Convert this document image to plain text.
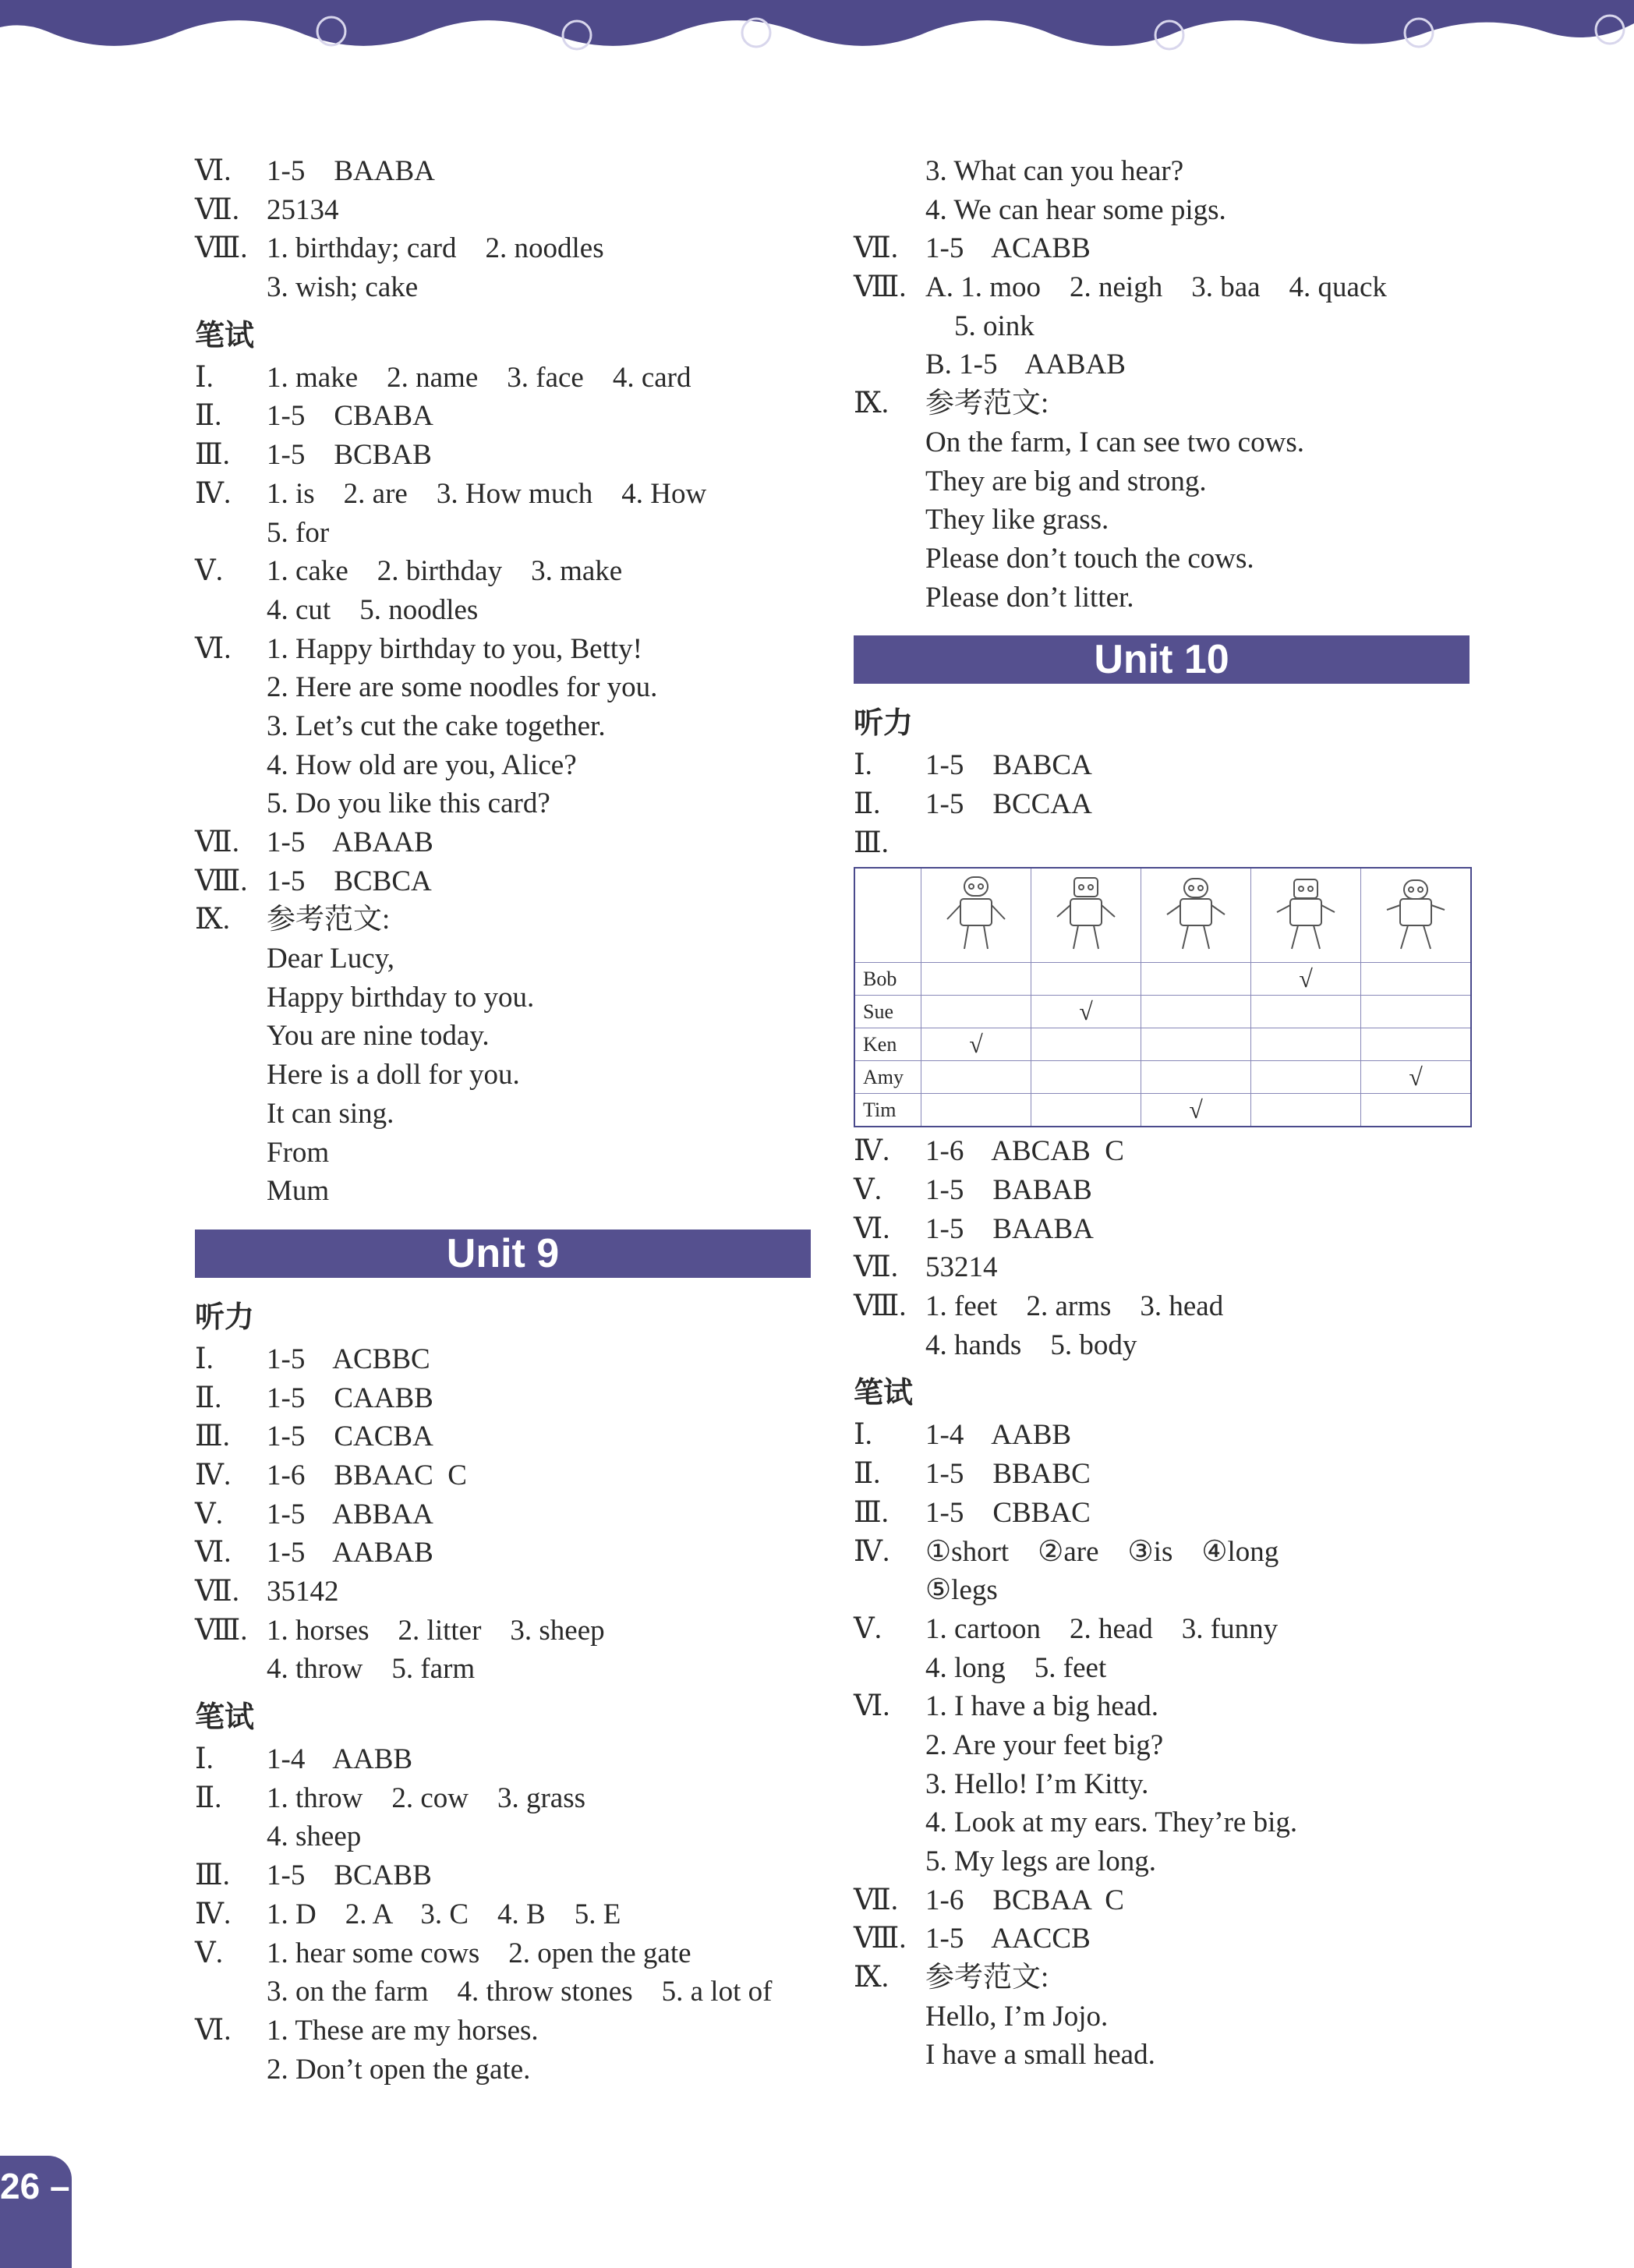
Ⅵ.	1-5    BAABA
Ⅶ. 25134
Ⅷ. 1. birthday; card    2. noodles
3. wish; cake
笔试
Ⅰ.	1. make    2. name    3. face    4. card
Ⅱ.	1-5    CBABA
Ⅲ.	1-5    BCBAB
Ⅳ.	1. is    2. are    3. How much    4. How
5. for
Ⅴ.	1. cake    2. birthday    3. make
4. cut    5. noodles
Ⅵ.	1. Happy birthday to you, Betty!
2. Here are some noodles for you.
3. Let’s cut the cake together.
4. How old are you, Alice?
5. Do you like this card?
Ⅶ. 1-5    ABAAB
Ⅷ. 1-5    BCBCA
Ⅸ.	参考范文:
Dear Lucy,
Happy birthday to you.
You are nine today.
Here is a doll for you.
It can sing.
From
Mum
Unit 9
听力
Ⅰ.	1-5    ACBBC
Ⅱ.	1-5    CAABB
Ⅲ.	1-5    CACBA
Ⅳ.	1-6    BBAAC  C
Ⅴ.	1-5    ABBAA
Ⅵ.	1-5    AABAB
Ⅶ. 35142
Ⅷ. 1. horses    2. litter    3. sheep
4. throw    5. farm
笔试
Ⅰ.	1-4    AABB
Ⅱ.	1. throw    2. cow    3. grass
4. sheep
Ⅲ.	1-5    BCABB
Ⅳ.	1. D    2. A    3. C    4. B    5. E
Ⅴ.	1. hear some cows    2. open the gate
3. on the farm    4. throw stones    5. a lot of
Ⅵ.	1. These are my horses.
2. Don’t open the gate.
3. What can you hear?
4. We can hear some pigs.
Ⅶ. 1-5    ACABB
Ⅷ. A. 1. moo    2. neigh    3. baa    4. quack
5. oink
B. 1-5    AABAB
Ⅸ.	参考范文:
On the farm, I can see two cows.
They are big and strong.
They like grass.
Please don’t touch the cows.
Please don’t litter.
Unit 10
听力
Ⅰ.	1-5    BABCA
Ⅱ.	1-5    BCCAA
Ⅲ.

Bob				√	
Sue		√			
Ken	√				
Amy					√
Tim			√		
Ⅳ.	1-6    ABCAB  C
Ⅴ.	1-5    BABAB
Ⅵ.	1-5    BAABA
Ⅶ. 53214
Ⅷ. 1. feet    2. arms    3. head
4. hands    5. body
笔试
Ⅰ.	1-4    AABB
Ⅱ.	1-5    BBABC
Ⅲ.	1-5    CBBAC
Ⅳ.	①short    ②are    ③is    ④long
⑤legs
Ⅴ.	1. cartoon    2. head    3. funny
4. long    5. feet
Ⅵ.	1. I have a big head.
2. Are your feet big?
3. Hello! I’m Kitty.
4. Look at my ears. They’re big.
5. My legs are long.
Ⅶ. 1-6    BCBAA  C
Ⅷ. 1-5    AACCB
Ⅸ.	参考范文:
Hello, I’m Jojo.
I have a small head.
26 –
